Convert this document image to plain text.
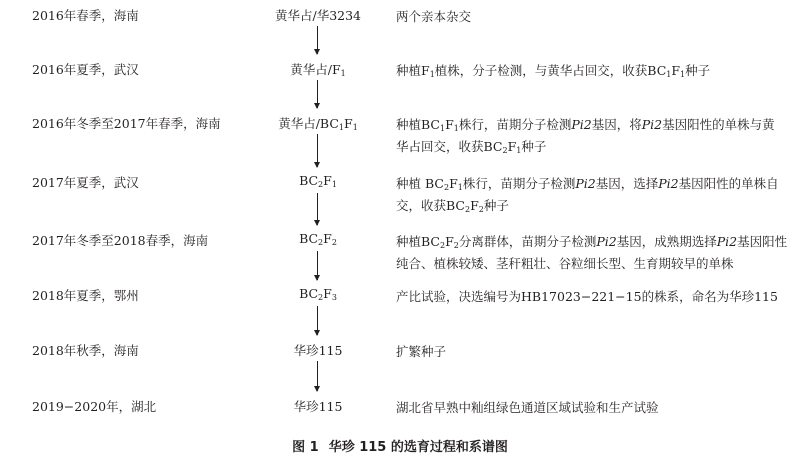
2016年春季，海南	黄华占/华3234	两个亲本杂交
2016年夏季，武汉	黄华占$/F_1$	种植$F_1$植株，分子检测，与黄华占回交，收获$BC_1F_1$种子
2016年冬季至2017年春季，海南	黄华占$/BC_1F_1$	种植$BC_1F_1$株行，苗期分子检测Pi2基因，将Pi2基因阳性的单株与黄
华占回交，收获$BC_2F_1$种子
2017年夏季，武汉	$BC_2F_1$	种植 $BC_2F_1$株行，苗期分子检测Pi2基因，选择Pi2基因阳性的单株自
交，收获$BC_2F_2$种子
2017年冬季至2018春季，海南	$BC_2F_2$	种植$BC_2F_2$分离群体，苗期分子检测Pi2基因，成熟期选择Pi2基因阳性
纯合、植株较矮、茎秆粗壮、谷粒细长型、生育期较早的单株
2018年夏季，鄂州	$BC_2F_3$	产比试验，决选编号为HB17023−221−15的株系，命名为华珍115
2018年秋季，海南	华珍115	扩繁种子
2019−2020年，湖北	华珍115	湖北省早熟中籼组绿色通道区域试验和生产试验
图 1 华珍 115 的选育过程和系谱图
